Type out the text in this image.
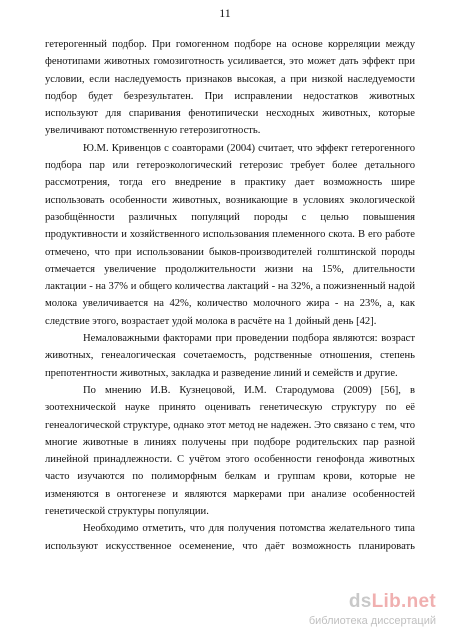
11
гетерогенный подбор. При гомогенном подборе на основе корреляции между
фенотипами животных гомозиготность усиливается, это может дать эффект при
условии, если наследуемость признаков высокая, а при низкой наследуемости
подбор будет безрезультатен. При исправлении недостатков животных
используют для спаривания фенотипически несходных животных, которые
увеличивают потомственную гетерозиготность.
Ю.М. Кривенцов с соавторами (2004) считает, что эффект гетерогенного
подбора пар или гетероэкологический гетерозис требует более детального
рассмотрения, тогда его внедрение в практику дает возможность шире
использовать особенности животных, возникающие в условиях экологической
разобщённости различных популяций породы с целью повышения
продуктивности и хозяйственного использования племенного скота. В его работе
отмечено, что при использовании быков-производителей голштинской породы
отмечается увеличение продолжительности жизни на 15%, длительности
лактации - на 37% и общего количества лактаций - на 32%, а пожизненный надой
молока увеличивается на 42%, количество молочного жира - на 23%, а, как
следствие этого, возрастает удой молока в расчёте на 1 дойный день [42].
Немаловажными факторами при проведении подбора являются: возраст
животных, генеалогическая сочетаемость, родственные отношения, степень
препотентности животных, закладка и разведение линий и семейств и другие.
По мнению И.В. Кузнецовой, И.М. Стародумова (2009) [56], в
зоотехнической науке принято оценивать генетическую структуру по её
генеалогической структуре, однако этот метод не надежен. Это связано с тем, что
многие животные в линиях получены при подборе родительских пар разной
линейной принадлежности. С учётом этого особенности генофонда животных
часто изучаются по полиморфным белкам и группам крови, которые не
изменяются в онтогенезе и являются маркерами при анализе особенностей
генетической структуры популяции.
Необходимо отметить, что для получения потомства желательного типа
используют искусственное осеменение, что даёт возможность планировать
dsLib.net
библиотека диссертаций
